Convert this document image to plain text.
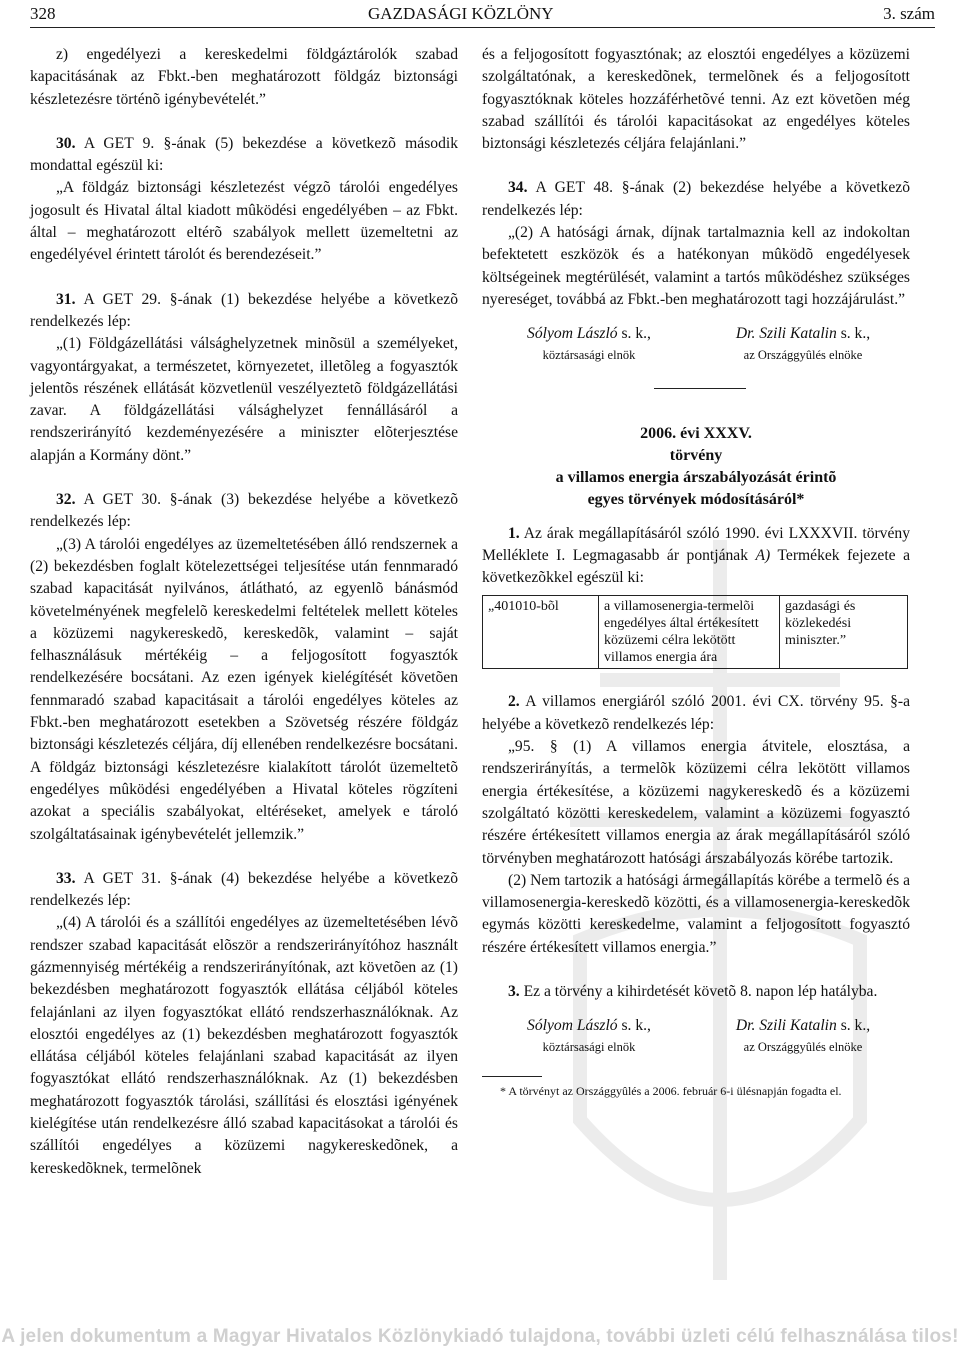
328	GAZDASÁGI KÖZLÖNY	3. szám

z) engedélyezi a kereskedelmi földgáztárolók szabad kapacitásának az Fbkt.-ben meghatározott földgáz biztonsági készletezésre történõ igénybevételét.”

30. A GET 9. §-ának (5) bekezdése a következõ második mondattal egészül ki:

„A földgáz biztonsági készletezést végzõ tárolói engedélyes jogosult és Hivatal által kiadott mûködési engedélyében – az Fbkt. által – meghatározott eltérõ szabályok mellett üzemeltetni az engedélyével érintett tárolót és berendezéseit.”

31. A GET 29. §-ának (1) bekezdése helyébe a következõ rendelkezés lép:

„(1) Földgázellátási válsághelyzetnek minõsül a személyeket, vagyontárgyakat, a természetet, környezetet, illetõleg a fogyasztók jelentõs részének ellátását közvetlenül veszélyeztetõ földgázellátási zavar. A földgázellátási válsághelyzet fennállásáról a rendszerirányító kezdeményezésére a miniszter elõterjesztése alapján a Kormány dönt.”

32. A GET 30. §-ának (3) bekezdése helyébe a következõ rendelkezés lép:

„(3) A tárolói engedélyes az üzemeltetésében álló rendszernek a (2) bekezdésben foglalt kötelezettségei teljesítése után fennmaradó szabad kapacitását nyilvános, átlátható, az egyenlõ bánásmód követelményének megfelelõ kereskedelmi feltételek mellett köteles a közüzemi nagykereskedõ, kereskedõk, valamint – saját felhasználásuk mértékéig – a feljogosított fogyasztók rendelkezésére bocsátani. Az ezen igények kielégítését követõen fennmaradó szabad kapacitásait a tárolói engedélyes köteles az Fbkt.-ben meghatározott esetekben a Szövetség részére földgáz biztonsági készletezés céljára, díj ellenében rendelkezésre bocsátani. A földgáz biztonsági készletezésre kialakított tárolót üzemeltetõ engedélyes mûködési engedélyében a Hivatal köteles rögzíteni azokat a speciális szabályokat, eltéréseket, amelyek e tároló szolgáltatásainak igénybevételét jellemzik.”

33. A GET 31. §-ának (4) bekezdése helyébe a következõ rendelkezés lép:

„(4) A tárolói és a szállítói engedélyes az üzemeltetésében lévõ rendszer szabad kapacitását elõször a rendszerirányítóhoz használt gázmennyiség mértékéig a rendszerirányítónak, azt követõen az (1) bekezdésben meghatározott fogyasztók ellátása céljából köteles felajánlani az ilyen fogyasztókat ellátó rendszerhasználóknak. Az elosztói engedélyes az (1) bekezdésben meghatározott fogyasztók ellátása céljából köteles felajánlani szabad kapacitását az ilyen fogyasztókat ellátó rendszerhasználóknak. Az (1) bekezdésben meghatározott fogyasztók tárolási, szállítási és elosztási igényének kielégítése után rendelkezésre álló szabad kapacitásokat a tárolói és szállítói engedélyes a közüzemi nagykereskedõnek, a kereskedõknek, termelõnek

és a feljogosított fogyasztónak; az elosztói engedélyes a közüzemi szolgáltatónak, a kereskedõnek, termelõnek és a feljogosított fogyasztóknak köteles hozzáférhetõvé tenni. Az ezt követõen még szabad szállítói és tárolói kapacitásokat az engedélyes köteles biztonsági készletezés céljára felajánlani.”

34. A GET 48. §-ának (2) bekezdése helyébe a következõ rendelkezés lép:

„(2) A hatósági árnak, díjnak tartalmaznia kell az indokoltan befektetett eszközök és a hatékonyan mûködõ engedélyesek költségeinek megtérülését, valamint a tartós mûködéshez szükséges nyereséget, továbbá az Fbkt.-ben meghatározott tagi hozzájárulást.”

Sólyom László s. k.,
köztársasági elnök
Dr. Szili Katalin s. k.,
az Országgyûlés elnöke
2006. évi XXXV.
törvény
a villamos energia árszabályozását érintõ
egyes törvények módosításáról*

1. Az árak megállapításáról szóló 1990. évi LXXXVII. törvény Melléklete I. Legmagasabb ár pontjának A) Termékek fejezete a következõkkel egészül ki:

„401010-bõl	a villamosenergia-termelõi engedélyes által értékesített közüzemi célra lekötött villamos energia ára	gazdasági és közlekedési miniszter.”

2. A villamos energiáról szóló 2001. évi CX. törvény 95. §-a helyébe a következõ rendelkezés lép:

„95. § (1) A villamos energia átvitele, elosztása, a rendszerirányítás, a termelõk közüzemi célra lekötött villamos energia értékesítése, a közüzemi nagykereskedõ és a közüzemi szolgáltató közötti kereskedelem, valamint a közüzemi fogyasztó részére értékesített villamos energia az árak megállapításáról szóló törvényben meghatározott hatósági árszabályozás körébe tartozik.

(2) Nem tartozik a hatósági ármegállapítás körébe a termelõ és a villamosenergia-kereskedõ közötti, és a villamosenergia-kereskedõk egymás közötti kereskedelme, valamint a feljogosított fogyasztó részére értékesített villamos energia.”

3. Ez a törvény a kihirdetését követõ 8. napon lép hatályba.

Sólyom László s. k.,
köztársasági elnök
Dr. Szili Katalin s. k.,
az Országgyûlés elnöke
* A törvényt az Országgyûlés a 2006. február 6-i ülésnapján fogadta el.
A jelen dokumentum a Magyar Hivatalos Közlönykiadó tulajdona, további üzleti célú felhasználása tilos!
